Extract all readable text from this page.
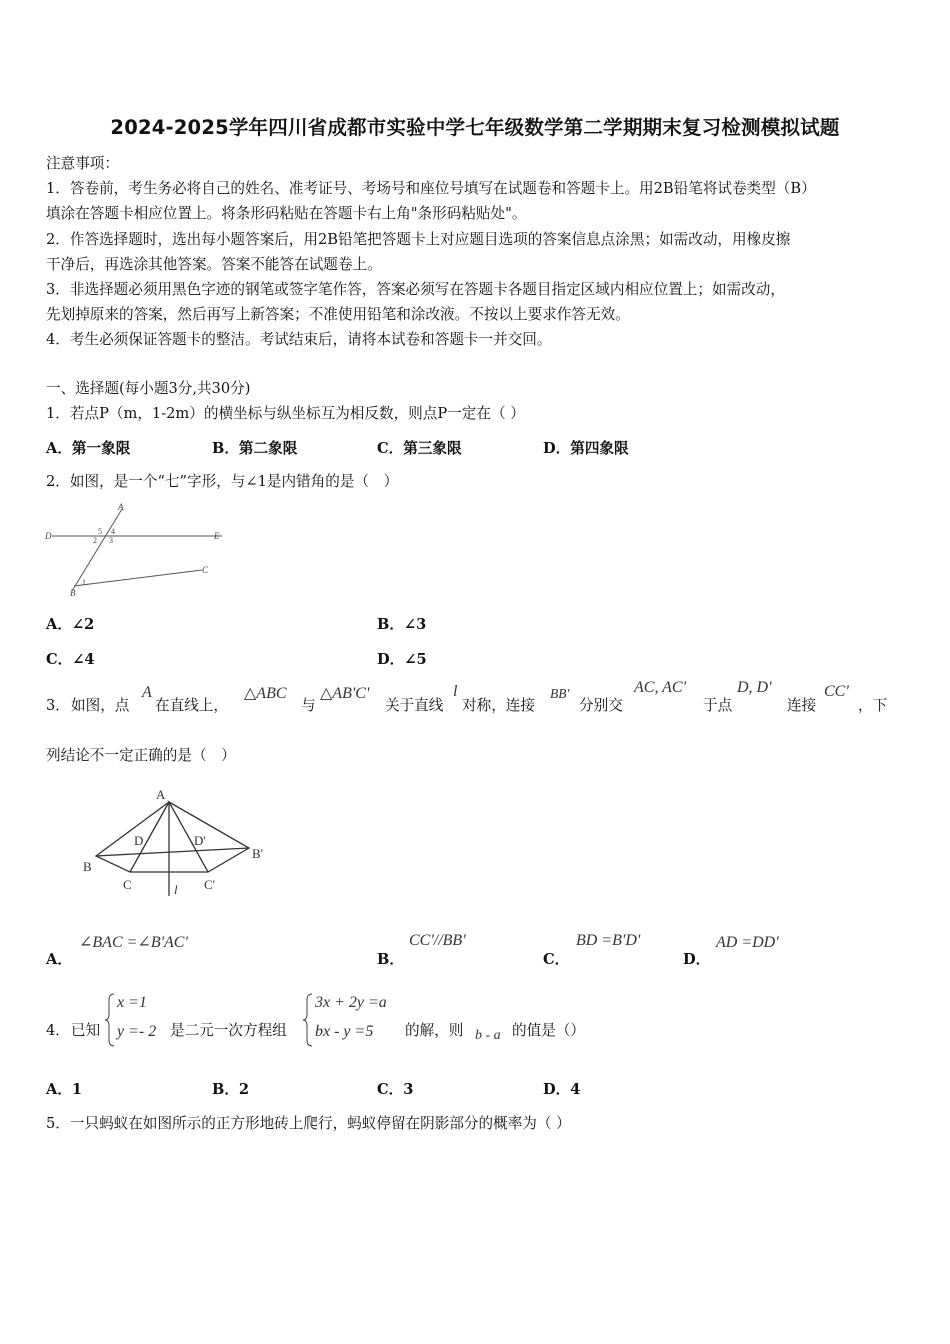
2024-2025学年四川省成都市实验中学七年级数学第二学期期末复习检测模拟试题
注意事项：
1．答卷前，考生务必将自己的姓名、准考证号、考场号和座位号填写在试题卷和答题卡上。用2B铅笔将试卷类型（B）
填涂在答题卡相应位置上。将条形码粘贴在答题卡右上角"条形码粘贴处"。
2．作答选择题时，选出每小题答案后，用2B铅笔把答题卡上对应题目选项的答案信息点涂黑；如需改动，用橡皮擦
干净后，再选涂其他答案。答案不能答在试题卷上。
3．非选择题必须用黑色字迹的钢笔或签字笔作答，答案必须写在答题卡各题目指定区域内相应位置上；如需改动，
先划掉原来的答案，然后再写上新答案；不准使用铅笔和涂改液。不按以上要求作答无效。
4．考生必须保证答题卡的整洁。考试结束后，请将本试卷和答题卡一并交回。
一、选择题(每小题3分,共30分)
1．若点P（m，1-2m）的横坐标与纵坐标互为相反数，则点P一定在（ ）
A．第一象限	B．第二象限	C．第三象限	D．第四象限
2．如图，是一个“七”字形，与∠1是内错角的是（　）
D	E
A
B
C
5 4
2 3
1
A．∠2	B．∠3
C．∠4	D．∠5
3． 如图，点
A
在直线上，
△ABC
与
△AB'C'
关于直线
l
对称，连接
BB'
分别交
AC, AC'
于点
D, D'
连接
CC'
，下
列结论不一定正确的是（　）
A
B
C
D	D'
B'
C'
l
A．
∠BAC =∠B'AC'
B．
CC'//BB'
C．
BD =B'D'
D．
AD =DD'
4． 已知
x =1
y =- 2 是二元一次方程组
3x + 2y =a
bx - y =5 的解，则 b - a 的值是（）
A．1	B．2	C．3	D．4
5．一只蚂蚁在如图所示的正方形地砖上爬行，蚂蚁停留在阴影部分的概率为（ ）
